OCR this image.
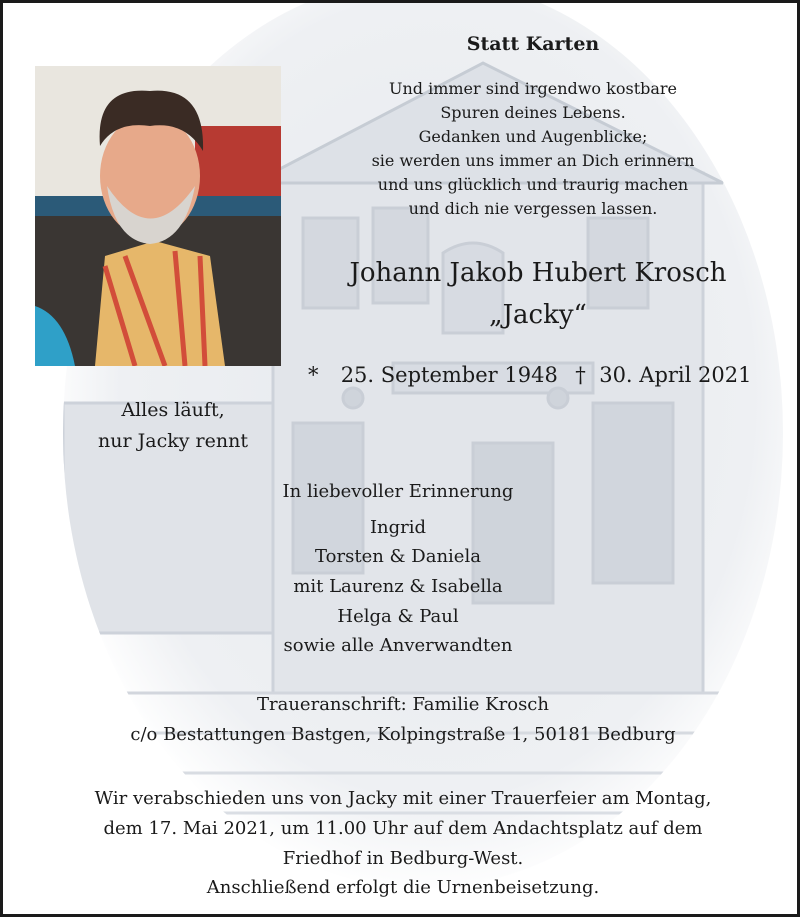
Statt Karten
Und immer sind irgendwo kostbare
Spuren deines Lebens.
Gedanken und Augenblicke;
sie werden uns immer an Dich erinnern
und uns glücklich und traurig machen
und dich nie vergessen lassen.
Johann Jakob Hubert Krosch
„Jacky“
* 25. September 1948 † 30. April 2021
Alles läuft,
nur Jacky rennt
In liebevoller Erinnerung
Ingrid
Torsten & Daniela
mit Laurenz & Isabella
Helga & Paul
sowie alle Anverwandten
Traueranschrift: Familie Krosch
c/o Bestattungen Bastgen, Kolpingstraße 1, 50181 Bedburg
Wir verabschieden uns von Jacky mit einer Trauerfeier am Montag,
dem 17. Mai 2021, um 11.00 Uhr auf dem Andachtsplatz auf dem
Friedhof in Bedburg-West.
Anschließend erfolgt die Urnenbeisetzung.
